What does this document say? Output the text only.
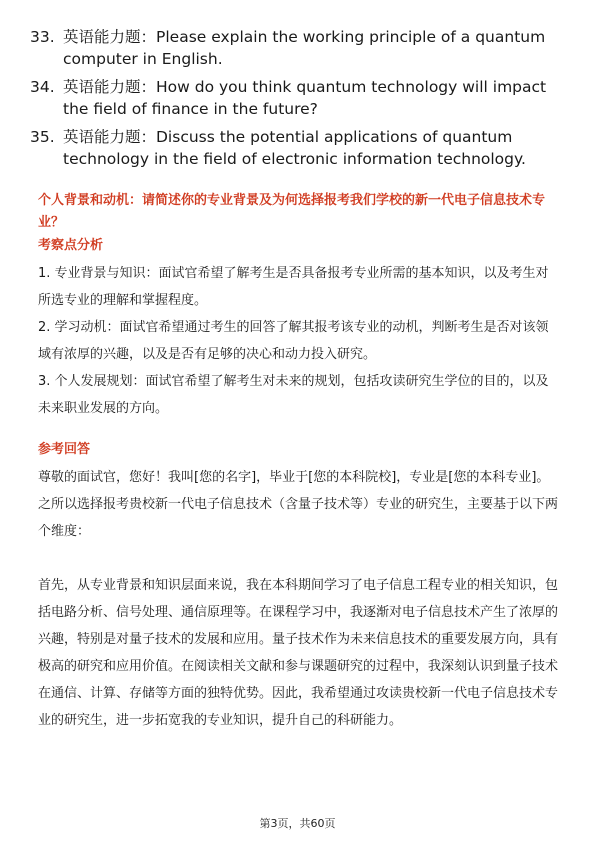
33. 英语能力题：Please explain the working principle of a quantum computer in English.
34. 英语能力题：How do you think quantum technology will impact the field of finance in the future?
35. 英语能力题：Discuss the potential applications of quantum technology in the field of electronic information technology.
个人背景和动机：请简述你的专业背景及为何选择报考我们学校的新一代电子信息技术专业？
考察点分析
1. 专业背景与知识：面试官希望了解考生是否具备报考专业所需的基本知识，以及考生对所选专业的理解和掌握程度。
2. 学习动机：面试官希望通过考生的回答了解其报考该专业的动机，判断考生是否对该领域有浓厚的兴趣，以及是否有足够的决心和动力投入研究。
3. 个人发展规划：面试官希望了解考生对未来的规划，包括攻读研究生学位的目的，以及未来职业发展的方向。
参考回答
尊敬的面试官，您好！我叫[您的名字]，毕业于[您的本科院校]，专业是[您的本科专业]。之所以选择报考贵校新一代电子信息技术（含量子技术等）专业的研究生，主要基于以下两个维度：
首先，从专业背景和知识层面来说，我在本科期间学习了电子信息工程专业的相关知识，包括电路分析、信号处理、通信原理等。在课程学习中，我逐渐对电子信息技术产生了浓厚的兴趣，特别是对量子技术的发展和应用。量子技术作为未来信息技术的重要发展方向，具有极高的研究和应用价值。在阅读相关文献和参与课题研究的过程中，我深刻认识到量子技术在通信、计算、存储等方面的独特优势。因此，我希望通过攻读贵校新一代电子信息技术专业的研究生，进一步拓宽我的专业知识，提升自己的科研能力。
第3页，共60页
